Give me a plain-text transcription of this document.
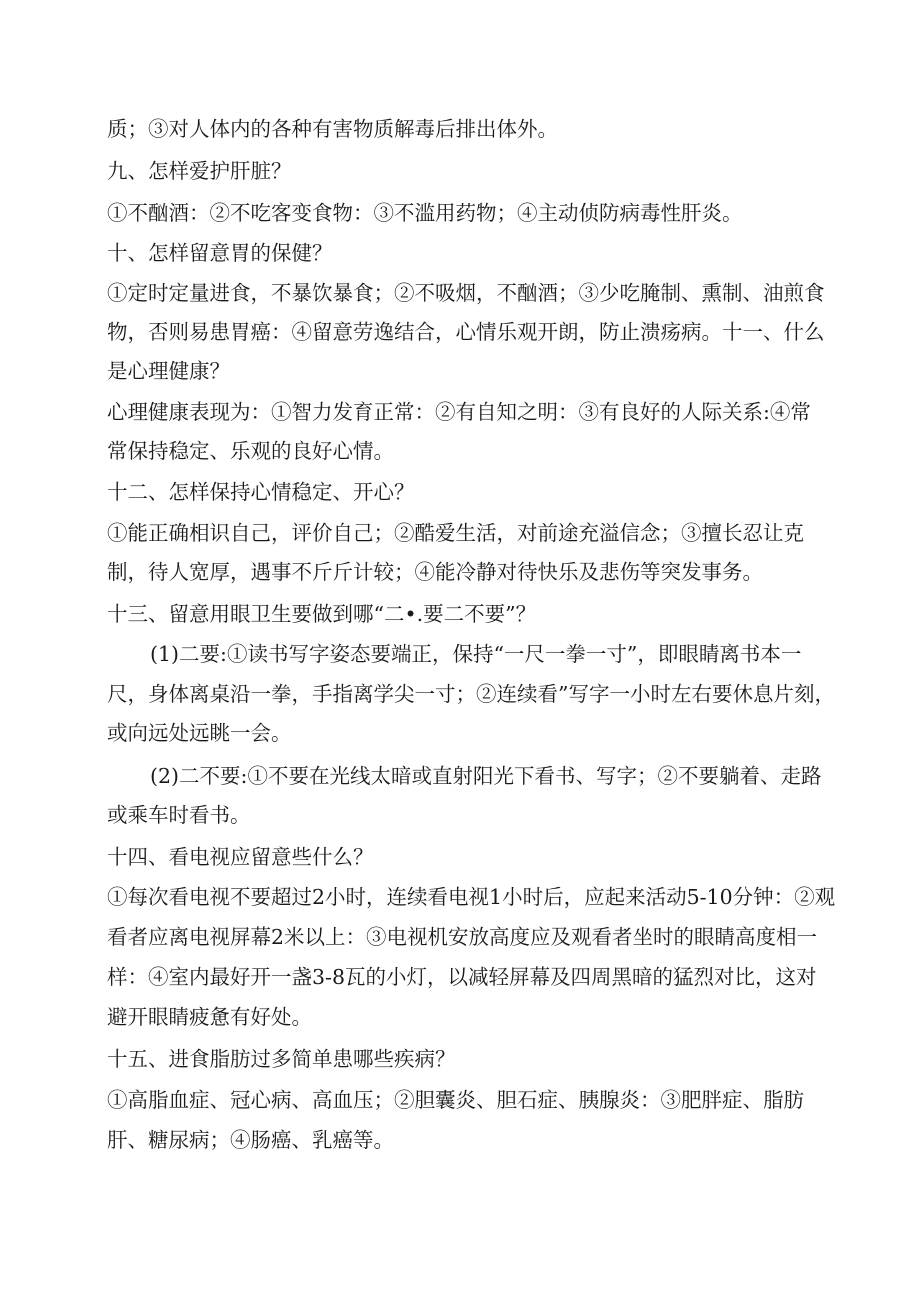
质；③对人体内的各种有害物质解毒后排出体外。
九、怎样爱护肝脏？
①不酗酒：②不吃客变食物：③不滥用药物；④主动侦防病毒性肝炎。
十、怎样留意胃的保健？
①定时定量进食，不暴饮暴食；②不吸烟，不酗酒；③少吃腌制、熏制、油煎食
物，否则易患胃癌：④留意劳逸结合，心情乐观开朗，防止溃疡病。十一、什么
是心理健康？
心理健康表现为：①智力发育正常：②有自知之明：③有良好的人际关系:④常
常保持稳定、乐观的良好心情。
十二、怎样保持心情稳定、开心？
①能正确相识自己，评价自己；②酷爱生活，对前途充溢信念；③擅长忍让克
制，待人宽厚，遇事不斤斤计较；④能冷静对待快乐及悲伤等突发事务。
十三、留意用眼卫生要做到哪“二•.要二不要”？
(1)二要:①读书写字姿态要端正，保持“一尺一拳一寸”，即眼睛离书本一
尺，身体离桌沿一拳，手指离学尖一寸；②连续看”写字一小时左右要休息片刻，
或向远处远眺一会。
(2)二不要:①不要在光线太暗或直射阳光下看书、写字；②不要躺着、走路
或乘车时看书。
十四、看电视应留意些什么？
①每次看电视不要超过2小时，连续看电视1小时后，应起来活动5-10分钟：②观
看者应离电视屏幕2米以上：③电视机安放高度应及观看者坐时的眼睛高度相一
样：④室内最好开一盏3-8瓦的小灯，以减轻屏幕及四周黑暗的猛烈对比，这对
避开眼睛疲惫有好处。
十五、进食脂肪过多简单患哪些疾病？
①高脂血症、冠心病、高血压；②胆囊炎、胆石症、胰腺炎：③肥胖症、脂肪
肝、糖尿病；④肠癌、乳癌等。
